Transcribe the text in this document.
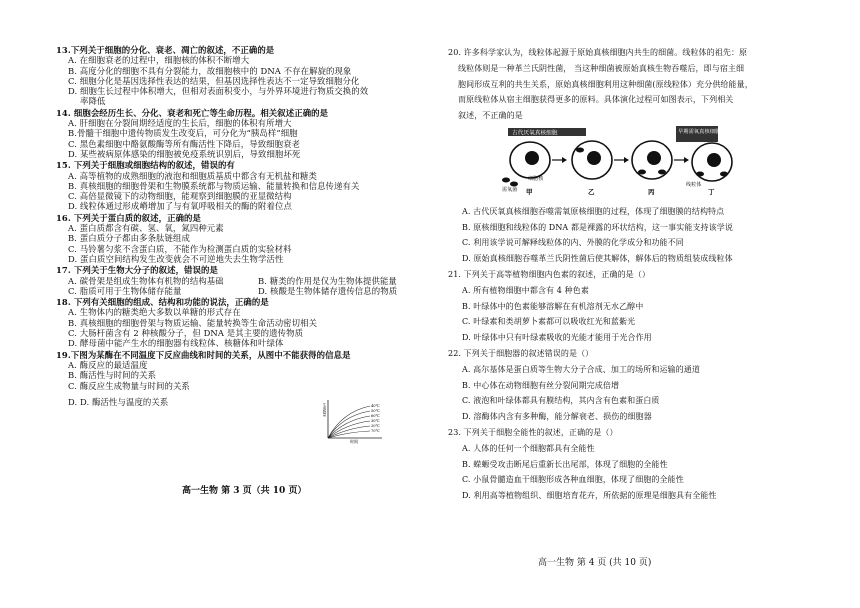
13.下列关于细胞的分化、衰老、凋亡的叙述，不正确的是
A. 在细胞衰老的过程中，细胞核的体积不断增大
B. 高度分化的细胞不具有分裂能力，故细胞核中的 DNA 不存在解旋的现象
C. 细胞分化是基因选择性表达的结果，但基因选择性表达不一定导致细胞分化
D. 细胞生长过程中体积增大，但相对表面积变小，与外界环境进行物质交换的效
率降低
14. 细胞会经历生长、分化、衰老和死亡等生命历程。相关叙述正确的是
A. 肝细胞在分裂间期经适度的生长后，细胞的体积有所增大
B.骨髓干细胞中遗传物质发生改变后，可分化为“胰岛样”细胞
C. 黑色素细胞中酪氨酸酶等所有酶活性下降后，导致细胞衰老
D. 某些被病原体感染的细胞被免疫系统识别后，导致细胞坏死
15. 下列关于细胞或细胞结构的叙述，错误的有
A. 高等植物的成熟细胞的液泡和细胞质基质中都含有无机盐和糖类
B. 真核细胞的细胞骨架和生物膜系统都与物质运输、能量转换和信息传递有关
C. 高倍显微镜下的动物细胞，能观察到细胞膜的亚显微结构
D. 线粒体通过形成嵴增加了与有氧呼吸相关的酶的附着位点
16. 下列关于蛋白质的叙述，正确的是
A. 蛋白质都含有碳、氢、氧，氮四种元素
B. 蛋白质分子都由多条肽链组成
C. 马铃薯匀浆不含蛋白质，不能作为检测蛋白质的实验材料
D. 蛋白质空间结构发生改变就会不可逆地失去生物学活性
17. 下列关于生物大分子的叙述，错误的是
A. 碳骨架是组成生物体有机物的结构基础	B. 糖类的作用是仅为生物体提供能量
C. 脂质可用于生物体储存能量	D. 核酸是生物体储存遗传信息的物质
18. 下列有关细胞的组成、结构和功能的说法，正确的是
A. 生物体内的糖类绝大多数以单糖的形式存在
B. 真核细胞的细胞骨架与物质运输、能量转换等生命活动密切相关
C. 大肠杆菌含有 2 种核酸分子，但 DNA 是其主要的遗传物质
D. 酵母菌中能产生水的细胞器有线粒体、核糖体和叶绿体
19.下图为某酶在不同温度下反应曲线和时间的关系，从图中不能获得的信息是
A. 酶反应的最适温度
B. 酶活性与时间的关系
C. 酶反应生成物量与时间的关系
D. D. 酶活性与温度的关系	40℃
50℃
60℃
30℃
20℃
70℃
时间
生成物量
高一生物 第 3 页（共 10 页）
20. 许多科学家认为，线粒体起源于原始真核细胞内共生的细菌。线粒体的祖先：原
线粒体则是一种革兰氏阴性菌， 当这种细菌被原始真核生物吞噬后，即与宿主细
胞间形成互利的共生关系，原始真核细胞利用这种细菌(原线粒体）充分供给能量，
而原线粒体从宿主细胞获得更多的原料。具体演化过程可如图表示，下列相关
叙述，不正确的是
古代厌氧真核细胞	早期需氧真核细胞
需氧菌
细胞核
线粒体
甲	乙	丙	丁
A. 古代厌氧真核细胞吞噬需氧原核细胞的过程，体现了细胞膜的结构特点
B. 原核细胞和线粒体的 DNA 都是裸露的环状结构，这一事实能支持该学说
C. 利用该学说可解释线粒体的内、外膜的化学成分和功能不同
D. 原始真核细胞吞噬革兰氏阴性菌后使其解体，解体后的物质组装成线粒体
21. 下列关于高等植物细胞内色素的叙述，正确的是（）
A. 所有植物细胞中都含有 4 种色素
B. 叶绿体中的色素能够溶解在有机溶剂无水乙醇中
C. 叶绿素和类胡萝卜素都可以吸收红光和蓝紫光
D. 叶绿体中只有叶绿素吸收的光能才能用于光合作用
22. 下列关于细胞器的叙述错误的是（）
A. 高尔基体是蛋白质等生物大分子合成、加工的场所和运输的通道
B. 中心体在动物细胞有丝分裂间期完成倍增
C. 液泡和叶绿体都具有膜结构，其内含有色素和蛋白质
D. 溶酶体内含有多种酶，能分解衰老、损伤的细胞器
23. 下列关于细胞全能性的叙述，正确的是（）
A. 人体的任何一个细胞都具有全能性
B. 蝾螈受攻击断尾后重新长出尾部，体现了细胞的全能性
C. 小鼠骨髓造血干细胞形成各种血细胞，体现了细胞的全能性
D. 利用高等植物组织、细胞培育花卉，所依据的原理是细胞具有全能性
高一生物 第 4 页 (共 10 页)
